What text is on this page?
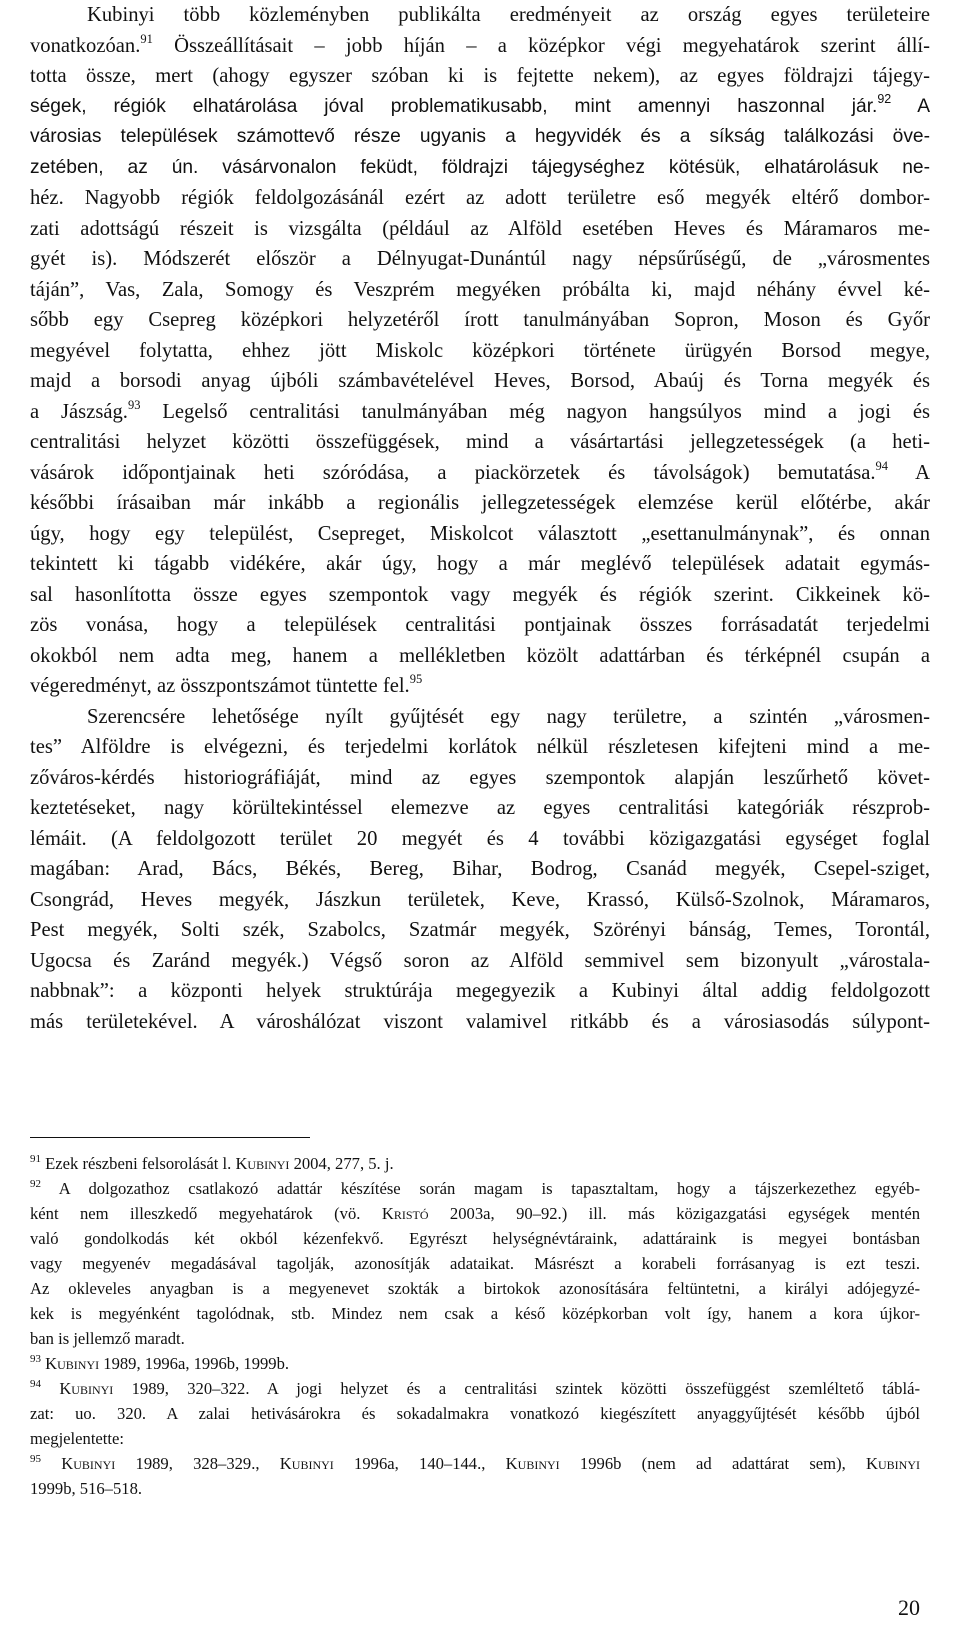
Kubinyi több közleményben publikálta eredményeit az ország egyes területeire
vonatkozóan.$^{91}$ Összeállításait – jobb híján – a középkor végi megyehatárok szerint állí-
totta össze, mert (ahogy egyszer szóban ki is fejtette nekem), az egyes földrajzi tájegy-
ségek, régiók elhatárolása jóval problematikusabb, mint amennyi haszonnal jár.$^{92}$ A
városias települések számottevő része ugyanis a hegyvidék és a síkság találkozási öve-
zetében, az ún. vásárvonalon feküdt, földrajzi tájegységhez kötésük, elhatárolásuk ne-
héz. Nagyobb régiók feldolgozásánál ezért az adott területre eső megyék eltérő dombor-
zati adottságú részeit is vizsgálta (például az Alföld esetében Heves és Máramaros me-
gyét is). Módszerét először a Délnyugat-Dunántúl nagy népsűrűségű, de „városmentes
táján”, Vas, Zala, Somogy és Veszprém megyéken próbálta ki, majd néhány évvel ké-
sőbb egy Csepreg középkori helyzetéről írott tanulmányában Sopron, Moson és Győr
megyével folytatta, ehhez jött Miskolc középkori története ürügyén Borsod megye,
majd a borsodi anyag újbóli számbavételével Heves, Borsod, Abaúj és Torna megyék és
a Jászság.$^{93}$ Legelső centralitási tanulmányában még nagyon hangsúlyos mind a jogi és
centralitási helyzet közötti összefüggések, mind a vásártartási jellegzetességek (a heti-
vásárok időpontjainak heti szóródása, a piackörzetek és távolságok) bemutatása.$^{94}$ A
későbbi írásaiban már inkább a regionális jellegzetességek elemzése kerül előtérbe, akár
úgy, hogy egy települést, Csepreget, Miskolcot választott „esettanulmánynak”, és onnan
tekintett ki tágabb vidékére, akár úgy, hogy a már meglévő települések adatait egymás-
sal hasonlította össze egyes szempontok vagy megyék és régiók szerint. Cikkeinek kö-
zös vonása, hogy a települések centralitási pontjainak összes forrásadatát terjedelmi
okokból nem adta meg, hanem a mellékletben közölt adattárban és térképnél csupán a
végeredményt, az összpontszámot tüntette fel.$^{95}$
Szerencsére lehetősége nyílt gyűjtését egy nagy területre, a szintén „városmen-
tes” Alföldre is elvégezni, és terjedelmi korlátok nélkül részletesen kifejteni mind a me-
zőváros-kérdés historiográfiáját, mind az egyes szempontok alapján leszűrhető követ-
keztetéseket, nagy körültekintéssel elemezve az egyes centralitási kategóriák részprob-
lémáit. (A feldolgozott terület 20 megyét és 4 további közigazgatási egységet foglal
magában: Arad, Bács, Békés, Bereg, Bihar, Bodrog, Csanád megyék, Csepel-sziget,
Csongrád, Heves megyék, Jászkun területek, Keve, Krassó, Külső-Szolnok, Máramaros,
Pest megyék, Solti szék, Szabolcs, Szatmár megyék, Szörényi bánság, Temes, Torontál,
Ugocsa és Zaránd megyék.) Végső soron az Alföld semmivel sem bizonyult „várostala-
nabbnak”: a központi helyek struktúrája megegyezik a Kubinyi által addig feldolgozott
más területekével. A városhálózat viszont valamivel ritkább és a városiasodás súlypont-
$^{91}$ Ezek részbeni felsorolását l. Kubinyi 2004, 277, 5. j.
$^{92}$ A dolgozathoz csatlakozó adattár készítése során magam is tapasztaltam, hogy a tájszerkezethez egyéb-
ként nem illeszkedő megyehatárok (vö. Kristó 2003a, 90–92.) ill. más közigazgatási egységek mentén
való gondolkodás két okból kézenfekvő. Egyrészt helységnévtáraink, adattáraink is megyei bontásban
vagy megyenév megadásával tagolják, azonosítják adataikat. Másrészt a korabeli forrásanyag is ezt teszi.
Az okleveles anyagban is a megyenevet szokták a birtokok azonosítására feltüntetni, a királyi adójegyzé-
kek is megyénként tagolódnak, stb. Mindez nem csak a késő középkorban volt így, hanem a kora újkor-
ban is jellemző maradt.
$^{93}$ Kubinyi 1989, 1996a, 1996b, 1999b.
$^{94}$ Kubinyi 1989, 320–322. A jogi helyzet és a centralitási szintek közötti összefüggést szemléltető táblá-
zat: uo. 320. A zalai hetivásárokra és sokadalmakra vonatkozó kiegészített anyaggyűjtését később újból
megjelentette:
$^{95}$ Kubinyi 1989, 328–329., Kubinyi 1996a, 140–144., Kubinyi 1996b (nem ad adattárat sem), Kubinyi
1999b, 516–518.
20
